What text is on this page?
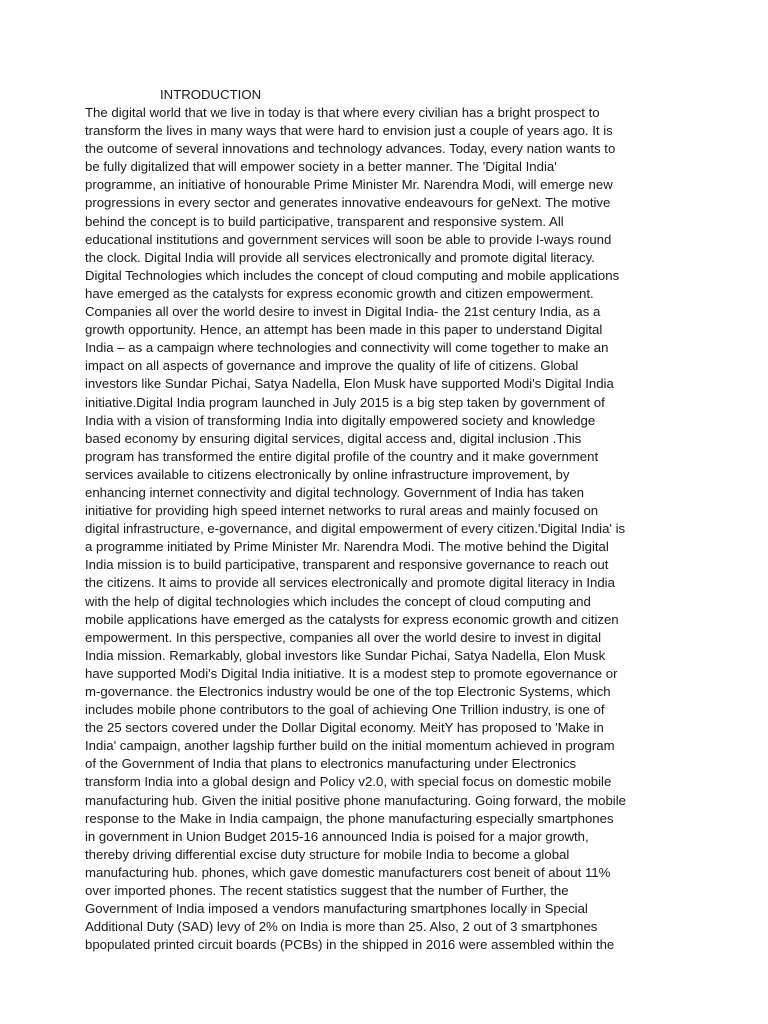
INTRODUCTION
The digital world that we live in today is that where every civilian has a bright prospect to
transform the lives in many ways that were hard to envision just a couple of years ago. It is
the outcome of several innovations and technology advances. Today, every nation wants to
be fully digitalized that will empower society in a better manner. The 'Digital India'
programme, an initiative of honourable Prime Minister Mr. Narendra Modi, will emerge new
progressions in every sector and generates innovative endeavours for geNext. The motive
behind the concept is to build participative, transparent and responsive system. All
educational institutions and government services will soon be able to provide I-ways round
the clock. Digital India will provide all services electronically and promote digital literacy.
Digital Technologies which includes the concept of cloud computing and mobile applications
have emerged as the catalysts for express economic growth and citizen empowerment.
Companies all over the world desire to invest in Digital India- the 21st century India, as a
growth opportunity. Hence, an attempt has been made in this paper to understand Digital
India – as a campaign where technologies and connectivity will come together to make an
impact on all aspects of governance and improve the quality of life of citizens. Global
investors like Sundar Pichai, Satya Nadella, Elon Musk have supported Modi's Digital India
initiative.Digital India program launched in July 2015 is a big step taken by government of
India with a vision of transforming India into digitally empowered society and knowledge
based economy by ensuring digital services, digital access and, digital inclusion .This
program has transformed the entire digital profile of the country and it make government
services available to citizens electronically by online infrastructure improvement, by
enhancing internet connectivity and digital technology. Government of India has taken
initiative for providing high speed internet networks to rural areas and mainly focused on
digital infrastructure, e-governance, and digital empowerment of every citizen.'Digital India' is
a programme initiated by Prime Minister Mr. Narendra Modi. The motive behind the Digital
India mission is to build participative, transparent and responsive governance to reach out
the citizens. It aims to provide all services electronically and promote digital literacy in India
with the help of digital technologies which includes the concept of cloud computing and
mobile applications have emerged as the catalysts for express economic growth and citizen
empowerment. In this perspective, companies all over the world desire to invest in digital
India mission. Remarkably, global investors like Sundar Pichai, Satya Nadella, Elon Musk
have supported Modi's Digital India initiative. It is a modest step to promote egovernance or
m-governance. the Electronics industry would be one of the top Electronic Systems, which
includes mobile phone contributors to the goal of achieving One Trillion industry, is one of
the 25 sectors covered under the Dollar Digital economy. MeitY has proposed to 'Make in
India' campaign, another lagship further build on the initial momentum achieved in program
of the Government of India that plans to electronics manufacturing under Electronics
transform India into a global design and Policy v2.0, with special focus on domestic mobile
manufacturing hub. Given the initial positive phone manufacturing. Going forward, the mobile
response to the Make in India campaign, the phone manufacturing especially smartphones
in government in Union Budget 2015-16 announced India is poised for a major growth,
thereby driving differential excise duty structure for mobile India to become a global
manufacturing hub. phones, which gave domestic manufacturers cost beneit of about 11%
over imported phones. The recent statistics suggest that the number of Further, the
Government of India imposed a vendors manufacturing smartphones locally in Special
Additional Duty (SAD) levy of 2% on India is more than 25. Also, 2 out of 3 smartphones
bpopulated printed circuit boards (PCBs) in the shipped in 2016 were assembled within the
